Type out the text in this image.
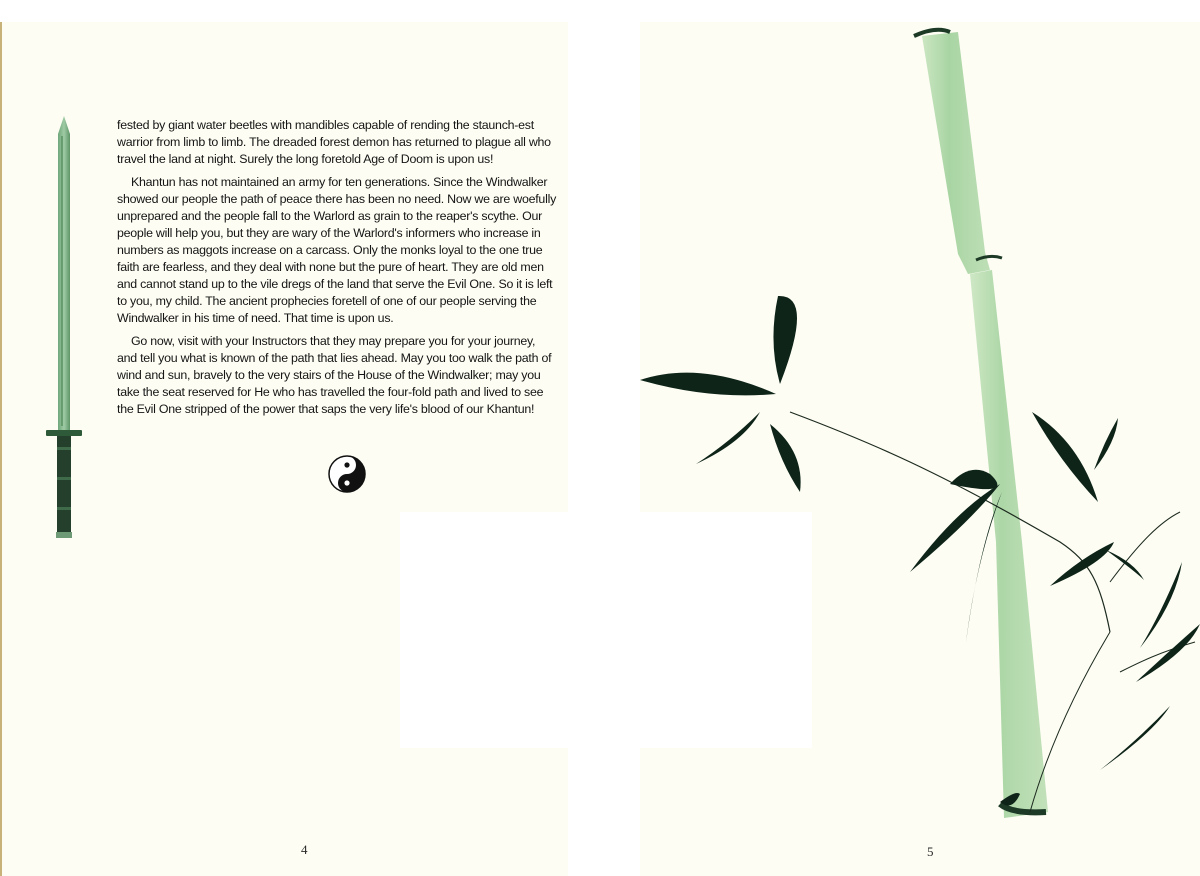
fested by giant water beetles with mandibles capable of rending the staunch-est warrior from limb to limb. The dreaded forest demon has returned to plague all who travel the land at night. Surely the long foretold Age of Doom is upon us!

Khantun has not maintained an army for ten generations. Since the Windwalker showed our people the path of peace there has been no need. Now we are woefully unprepared and the people fall to the Warlord as grain to the reaper's scythe. Our people will help you, but they are wary of the Warlord's informers who increase in numbers as maggots increase on a carcass. Only the monks loyal to the one true faith are fearless, and they deal with none but the pure of heart. They are old men and cannot stand up to the vile dregs of the land that serve the Evil One. So it is left to you, my child. The ancient prophecies foretell of one of our people serving the Windwalker in his time of need. That time is upon us.

Go now, visit with your Instructors that they may prepare you for your journey, and tell you what is known of the path that lies ahead. May you too walk the path of wind and sun, bravely to the very stairs of the House of the Windwalker; may you take the seat reserved for He who has travelled the four-fold path and lived to see the Evil One stripped of the power that saps the very life's blood of our Khantun!

4	5
